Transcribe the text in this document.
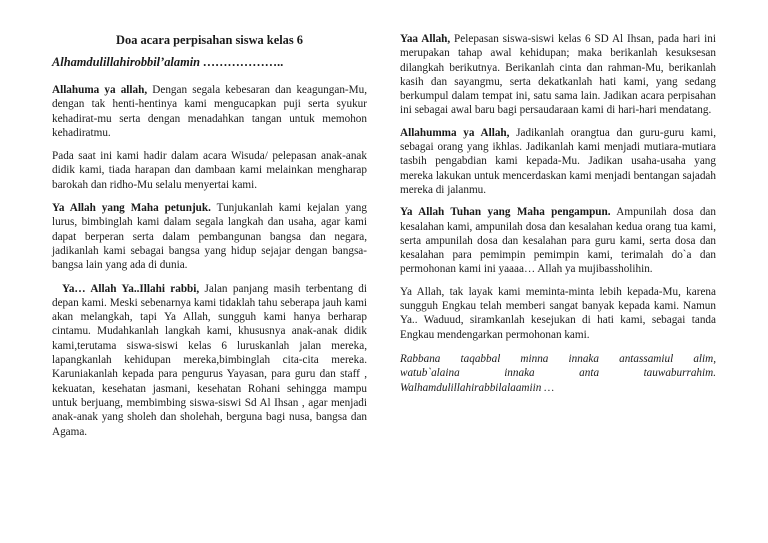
Doa acara perpisahan siswa kelas 6
Alhamdulillahirobbil’alamin ………………..

Allahuma ya allah, Dengan segala kebesaran dan keagungan-Mu, dengan tak henti-hentinya kami mengucapkan puji serta syukur kehadirat-mu serta dengan menadahkan tangan untuk memohon kehadiratmu.

Pada saat ini kami hadir dalam acara Wisuda/ pelepasan anak-anak didik kami, tiada harapan dan dambaan kami melainkan mengharap barokah dan ridho-Mu selalu menyertai kami.

Ya Allah yang Maha petunjuk. Tunjukanlah kami kejalan yang lurus, bimbinglah kami dalam segala langkah dan usaha, agar kami dapat berperan serta dalam pembangunan bangsa dan negara, jadikanlah kami sebagai bangsa yang hidup sejajar dengan bangsa-bangsa lain yang ada di dunia.

Ya… Allah Ya..Illahi rabbi, Jalan panjang masih terbentang di depan kami. Meski sebenarnya kami tidaklah tahu seberapa jauh kami akan melangkah, tapi Ya Allah, sungguh kami hanya berharap cintamu. Mudahkanlah langkah kami, khususnya anak-anak didik kami,terutama siswa-siswi kelas 6 luruskanlah jalan mereka, lapangkanlah kehidupan mereka,bimbinglah cita-cita mereka. Karuniakanlah kepada para pengurus Yayasan, para guru dan staff , kekuatan, kesehatan jasmani, kesehatan Rohani sehingga mampu untuk berjuang, membimbing siswa-siswi Sd Al Ihsan , agar menjadi anak-anak yang sholeh dan sholehah, berguna bagi nusa, bangsa dan Agama.

Yaa Allah, Pelepasan siswa-siswi kelas 6 SD Al Ihsan, pada hari ini merupakan tahap awal kehidupan; maka berikanlah kesuksesan dilangkah berikutnya. Berikanlah cinta dan rahman-Mu, berikanlah kasih dan sayangmu, serta dekatkanlah hati kami, yang sedang berkumpul dalam tempat ini, satu sama lain. Jadikan acara perpisahan ini sebagai awal baru bagi persaudaraan kami di hari-hari mendatang.

Allahumma ya Allah, Jadikanlah orangtua dan guru-guru kami, sebagai orang yang ikhlas. Jadikanlah kami menjadi mutiara-mutiara tasbih pengabdian kami kepada-Mu. Jadikan usaha-usaha yang mereka lakukan untuk mencerdaskan kami menjadi bentangan sajadah mereka di jalanmu.

Ya Allah Tuhan yang Maha pengampun. Ampunilah dosa dan kesalahan kami, ampunilah dosa dan kesalahan kedua orang tua kami, serta ampunilah dosa dan kesalahan para guru kami, serta dosa dan kesalahan para pemimpin pemimpin kami, terimalah do`a dan permohonan kami ini yaaaa… Allah ya mujibassholihin.

Ya Allah, tak layak kami meminta-minta lebih kepada-Mu, karena sungguh Engkau telah memberi sangat banyak kepada kami. Namun Ya.. Waduud, siramkanlah kesejukan di hati kami, sebagai tanda Engkau mendengarkan permohonan kami.

Rabbana taqabbal minna innaka antassamiul alim,
watub`alaina innaka anta tauwaburrahim.
Walhamdulillahirabbilalaamiin …
